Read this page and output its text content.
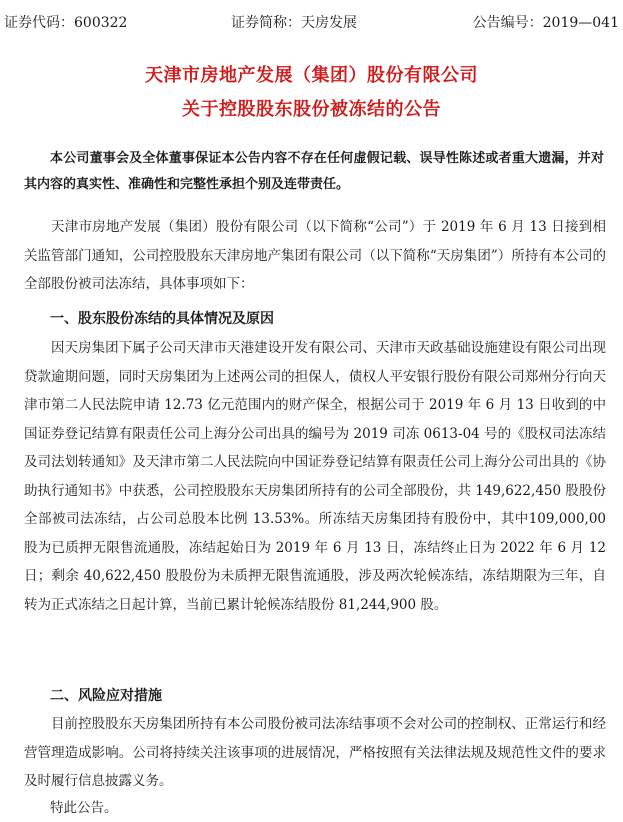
证券代码：600322	证券简称：天房发展	公告编号：2019—041
天津市房地产发展（集团）股份有限公司
关于控股股东股份被冻结的公告
本公司董事会及全体董事保证本公告内容不存在任何虚假记载、误导性陈述或者重大遗漏，并对其内容的真实性、准确性和完整性承担个别及连带责任。

天津市房地产发展（集团）股份有限公司（以下简称“公司”）于 2019 年 6 月 13 日接到相关监管部门通知，公司控股股东天津房地产集团有限公司（以下简称“天房集团”）所持有本公司的全部股份被司法冻结，具体事项如下：

一、股东股份冻结的具体情况及原因

因天房集团下属子公司天津市天港建设开发有限公司、天津市天政基础设施建设有限公司出现贷款逾期问题，同时天房集团为上述两公司的担保人，债权人平安银行股份有限公司郑州分行向天津市第二人民法院申请 12.73 亿元范围内的财产保全，根据公司于 2019 年 6 月 13 日收到的中国证券登记结算有限责任公司上海分公司出具的编号为 2019 司冻 0613-04 号的《股权司法冻结及司法划转通知》及天津市第二人民法院向中国证券登记结算有限责任公司上海分公司出具的《协助执行通知书》中获悉，公司控股股东天房集团所持有的公司全部股份，共 149,622,450 股股份全部被司法冻结，占公司总股本比例 13.53%。所冻结天房集团持有股份中，其中109,000,00 股为已质押无限售流通股，冻结起始日为 2019 年 6 月 13 日，冻结终止日为 2022 年 6 月 12 日；剩余 40,622,450 股股份为未质押无限售流通股，涉及两次轮候冻结，冻结期限为三年，自转为正式冻结之日起计算，当前已累计轮候冻结股份 81,244,900 股。

二、风险应对措施

目前控股股东天房集团所持有本公司股份被司法冻结事项不会对公司的控制权、正常运行和经营管理造成影响。公司将持续关注该事项的进展情况，严格按照有关法律法规及规范性文件的要求及时履行信息披露义务。

特此公告。
